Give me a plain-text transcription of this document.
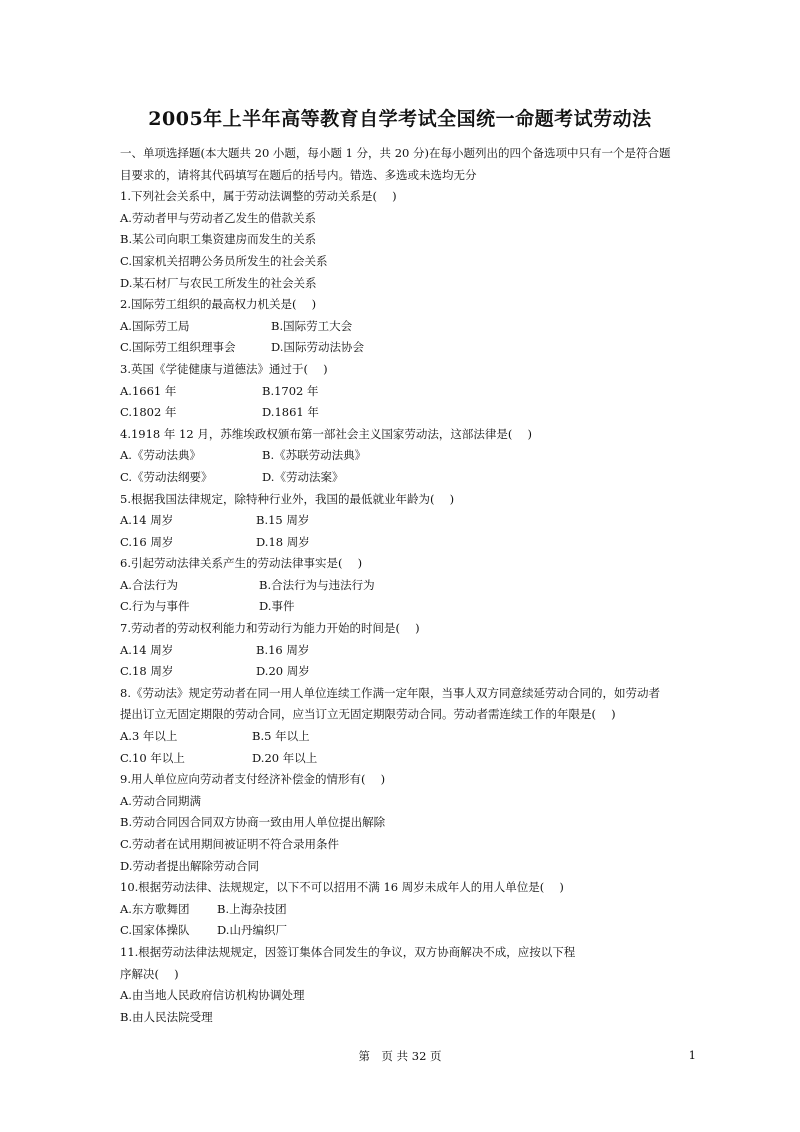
2005年上半年高等教育自学考试全国统一命题考试劳动法
一、单项选择题(本大题共 20 小题，每小题 1 分，共 20 分)在每小题列出的四个备选项中只有一个是符合题
目要求的，请将其代码填写在题后的括号内。错选、多选或未选均无分
1.下列社会关系中，属于劳动法调整的劳动关系是(　 )
A.劳动者甲与劳动者乙发生的借款关系
B.某公司向职工集资建房而发生的关系
C.国家机关招聘公务员所发生的社会关系
D.某石材厂与农民工所发生的社会关系
2.国际劳工组织的最高权力机关是(　 )
A.国际劳工局	B.国际劳工大会
C.国际劳工组织理事会	D.国际劳动法协会
3.英国《学徒健康与道德法》通过于(　 )
A.1661 年	B.1702 年
C.1802 年	D.1861 年
4.1918 年 12 月，苏维埃政权颁布第一部社会主义国家劳动法，这部法律是(　 )
A.《劳动法典》	B.《苏联劳动法典》
C.《劳动法纲要》	D.《劳动法案》
5.根据我国法律规定，除特种行业外，我国的最低就业年龄为(　 )
A.14 周岁	B.15 周岁
C.16 周岁	D.18 周岁
6.引起劳动法律关系产生的劳动法律事实是(　 )
A.合法行为	B.合法行为与违法行为
C.行为与事件	D.事件
7.劳动者的劳动权利能力和劳动行为能力开始的时间是(　 )
A.14 周岁	B.16 周岁
C.18 周岁	D.20 周岁
8.《劳动法》规定劳动者在同一用人单位连续工作满一定年限，当事人双方同意续延劳动合同的，如劳动者
提出订立无固定期限的劳动合同，应当订立无固定期限劳动合同。劳动者需连续工作的年限是(　 )
A.3 年以上	B.5 年以上
C.10 年以上	D.20 年以上
9.用人单位应向劳动者支付经济补偿金的情形有(　 )
A.劳动合同期满
B.劳动合同因合同双方协商一致由用人单位提出解除
C.劳动者在试用期间被证明不符合录用条件
D.劳动者提出解除劳动合同
10.根据劳动法律、法规规定，以下不可以招用不满 16 周岁未成年人的用人单位是(　 )
A.东方歌舞团 B.上海杂技团
C.国家体操队 D.山丹编织厂
11.根据劳动法律法规规定，因签订集体合同发生的争议，双方协商解决不成，应按以下程
序解决(　 )
A.由当地人民政府信访机构协调处理
B.由人民法院受理
第　页 共 32 页	1
